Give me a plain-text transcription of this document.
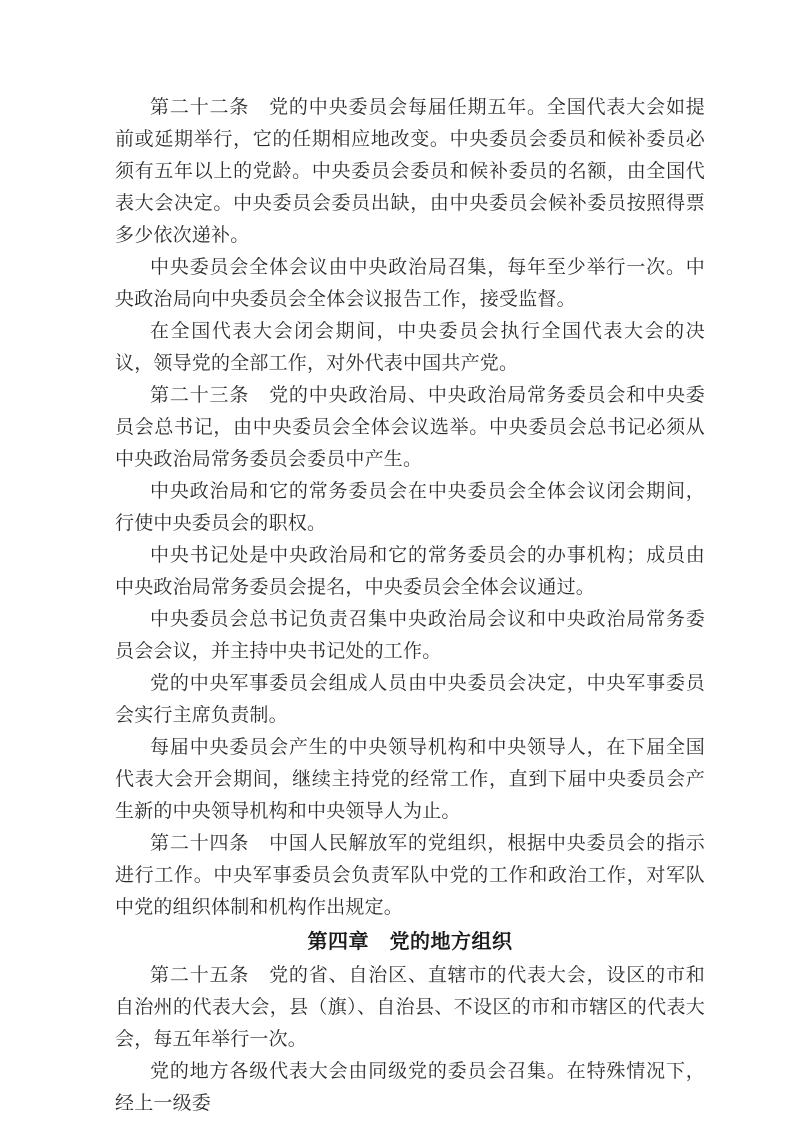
第二十二条　党的中央委员会每届任期五年。全国代表大会如提前或延期举行，它的任期相应地改变。中央委员会委员和候补委员必须有五年以上的党龄。中央委员会委员和候补委员的名额，由全国代表大会决定。中央委员会委员出缺，由中央委员会候补委员按照得票多少依次递补。

中央委员会全体会议由中央政治局召集，每年至少举行一次。中央政治局向中央委员会全体会议报告工作，接受监督。

在全国代表大会闭会期间，中央委员会执行全国代表大会的决议，领导党的全部工作，对外代表中国共产党。

第二十三条　党的中央政治局、中央政治局常务委员会和中央委员会总书记，由中央委员会全体会议选举。中央委员会总书记必须从中央政治局常务委员会委员中产生。

中央政治局和它的常务委员会在中央委员会全体会议闭会期间，行使中央委员会的职权。

中央书记处是中央政治局和它的常务委员会的办事机构；成员由中央政治局常务委员会提名，中央委员会全体会议通过。

中央委员会总书记负责召集中央政治局会议和中央政治局常务委员会会议，并主持中央书记处的工作。

党的中央军事委员会组成人员由中央委员会决定，中央军事委员会实行主席负责制。

每届中央委员会产生的中央领导机构和中央领导人，在下届全国代表大会开会期间，继续主持党的经常工作，直到下届中央委员会产生新的中央领导机构和中央领导人为止。

第二十四条　中国人民解放军的党组织，根据中央委员会的指示进行工作。中央军事委员会负责军队中党的工作和政治工作，对军队中党的组织体制和机构作出规定。

第四章　党的地方组织

第二十五条　党的省、自治区、直辖市的代表大会，设区的市和自治州的代表大会，县（旗）、自治县、不设区的市和市辖区的代表大会，每五年举行一次。

党的地方各级代表大会由同级党的委员会召集。在特殊情况下，经上一级委
